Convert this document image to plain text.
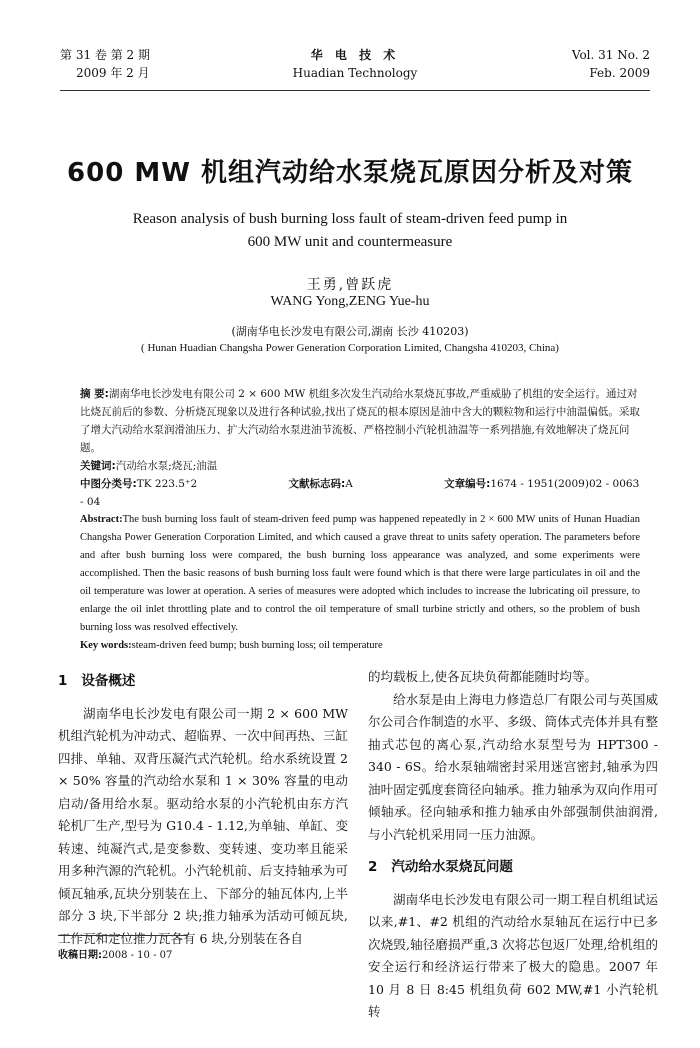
第 31 卷 第 2 期
2009 年 2 月
华 电 技 术
Huadian Technology
Vol. 31 No. 2
Feb. 2009
600 MW 机组汽动给水泵烧瓦原因分析及对策
Reason analysis of bush burning loss fault of steam-driven feed pump in
600 MW unit and countermeasure
王勇,曾跃虎
WANG Yong,ZENG Yue-hu
(湖南华电长沙发电有限公司,湖南 长沙 410203)
( Hunan Huadian Changsha Power Generation Corporation Limited, Changsha 410203, China)

摘 要:湖南华电长沙发电有限公司 2 × 600 MW 机组多次发生汽动给水泵烧瓦事故,严重威胁了机组的安全运行。通过对比烧瓦前后的参数、分析烧瓦现象以及进行各种试验,找出了烧瓦的根本原因是油中含大的颗粒物和运行中油温偏低。采取了增大汽动给水泵润滑油压力、扩大汽动给水泵进油节流板、严格控制小汽轮机油温等一系列措施,有效地解决了烧瓦问题。

关键词:汽动给水泵;烧瓦;油温

中图分类号:TK 223.5⁺2	文献标志码:A	文章编号:1674 - 1951(2009)02 - 0063 - 04

Abstract:The bush burning loss fault of steam-driven feed pump was happened repeatedly in 2 × 600 MW units of Hunan Huadian Changsha Power Generation Corporation Limited, and which caused a grave threat to units safety operation. The parameters before and after bush burning loss were compared, the bush burning loss appearance was analyzed, and some experiments were accomplished. Then the basic reasons of bush burning loss fault were found which is that there were large particulates in oil and the oil temperature was lower at operation. A series of measures were adopted which includes to increase the lubricating oil pressure, to enlarge the oil inlet throttling plate and to control the oil temperature of small turbine strictly and others, so the problem of bush burning loss was resolved effectively.

Key words:steam-driven feed bump; bush burning loss; oil temperature

1 设备概述

湖南华电长沙发电有限公司一期 2 × 600 MW 机组汽轮机为冲动式、超临界、一次中间再热、三缸四排、单轴、双背压凝汽式汽轮机。给水系统设置 2 × 50% 容量的汽动给水泵和 1 × 30% 容量的电动启动/备用给水泵。驱动给水泵的小汽轮机由东方汽轮机厂生产,型号为 G10.4 - 1.12,为单轴、单缸、变转速、纯凝汽式,是变参数、变转速、变功率且能采用多种汽源的汽轮机。小汽轮机前、后支持轴承为可倾瓦轴承,瓦块分别装在上、下部分的轴瓦体内,上半部分 3 块,下半部分 2 块;推力轴承为活动可倾瓦块,工作瓦和定位推力瓦各有 6 块,分别装在各自

的均载板上,使各瓦块负荷都能随时均等。

给水泵是由上海电力修造总厂有限公司与英国威尔公司合作制造的水平、多级、筒体式壳体并具有整抽式芯包的离心泵,汽动给水泵型号为 HPT300 - 340 - 6S。给水泵轴端密封采用迷宫密封,轴承为四油叶固定弧度套筒径向轴承。推力轴承为双向作用可倾轴承。径向轴承和推力轴承由外部强制供油润滑,与小汽轮机采用同一压力油源。

2 汽动给水泵烧瓦问题

湖南华电长沙发电有限公司一期工程自机组试运以来,#1、#2 机组的汽动给水泵轴瓦在运行中已多次烧毁,轴径磨损严重,3 次将芯包返厂处理,给机组的安全运行和经济运行带来了极大的隐患。2007 年 10 月 8 日 8:45 机组负荷 602 MW,#1 小汽轮机转

收稿日期:2008 - 10 - 07
